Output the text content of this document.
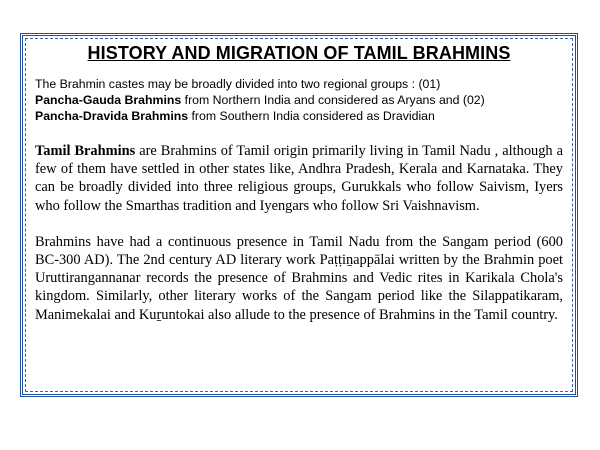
HISTORY AND MIGRATION OF TAMIL BRAHMINS

The Brahmin castes may be broadly divided into two regional groups : (01)
Pancha-Gauda Brahmins from Northern India and considered as Aryans and (02)
Pancha-Dravida Brahmins from Southern India considered as Dravidian

Tamil Brahmins are Brahmins of Tamil origin primarily living in Tamil Nadu , although a few of them have settled in other states like, Andhra Pradesh, Kerala and Karnataka. They can be broadly divided into three religious groups, Gurukkals who follow Saivism, Iyers who follow the Smarthas tradition and Iyengars who follow Sri Vaishnavism.

Brahmins have had a continuous presence in Tamil Nadu from the Sangam period (600 BC-300 AD). The 2nd century AD literary work Paṭṭiṉappālai written by the Brahmin poet Uruttirangannanar records the presence of Brahmins and Vedic rites in Karikala Chola's kingdom. Similarly, other literary works of the Sangam period like the Silappatikaram, Manimekalai and Kuṟuntokai also allude to the presence of Brahmins in the Tamil country.
